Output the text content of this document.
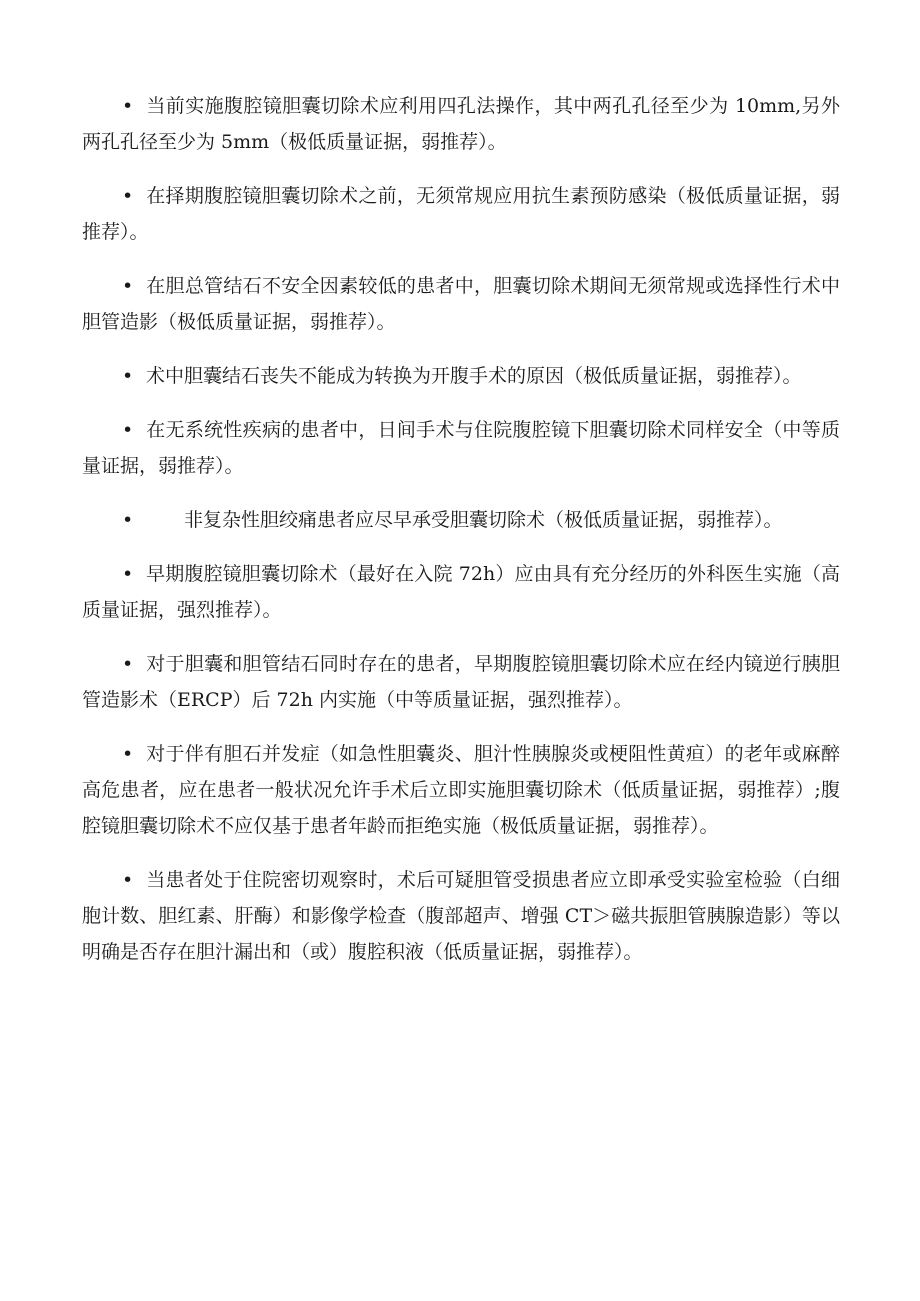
• 当前实施腹腔镜胆囊切除术应利用四孔法操作，其中两孔孔径至少为 10mm,另外两孔孔径至少为 5mm（极低质量证据，弱推荐）。

• 在择期腹腔镜胆囊切除术之前，无须常规应用抗生素预防感染（极低质量证据，弱推荐）。

• 在胆总管结石不安全因素较低的患者中，胆囊切除术期间无须常规或选择性行术中胆管造影（极低质量证据，弱推荐）。

• 术中胆囊结石丧失不能成为转换为开腹手术的原因（极低质量证据，弱推荐）。

• 在无系统性疾病的患者中，日间手术与住院腹腔镜下胆囊切除术同样安全（中等质量证据，弱推荐）。

•	非复杂性胆绞痛患者应尽早承受胆囊切除术（极低质量证据，弱推荐）。

• 早期腹腔镜胆囊切除术（最好在入院 72h）应由具有充分经历的外科医生实施（高质量证据，强烈推荐）。

• 对于胆囊和胆管结石同时存在的患者，早期腹腔镜胆囊切除术应在经内镜逆行胰胆管造影术（ERCP）后 72h 内实施（中等质量证据，强烈推荐）。

• 对于伴有胆石并发症（如急性胆囊炎、胆汁性胰腺炎或梗阻性黄疸）的老年或麻醉高危患者，应在患者一般状况允许手术后立即实施胆囊切除术（低质量证据，弱推荐）;腹腔镜胆囊切除术不应仅基于患者年龄而拒绝实施（极低质量证据，弱推荐）。

• 当患者处于住院密切观察时，术后可疑胆管受损患者应立即承受实验室检验（白细胞计数、胆红素、肝酶）和影像学检查（腹部超声、增强 CT＞磁共振胆管胰腺造影）等以明确是否存在胆汁漏出和（或）腹腔积液（低质量证据，弱推荐）。
